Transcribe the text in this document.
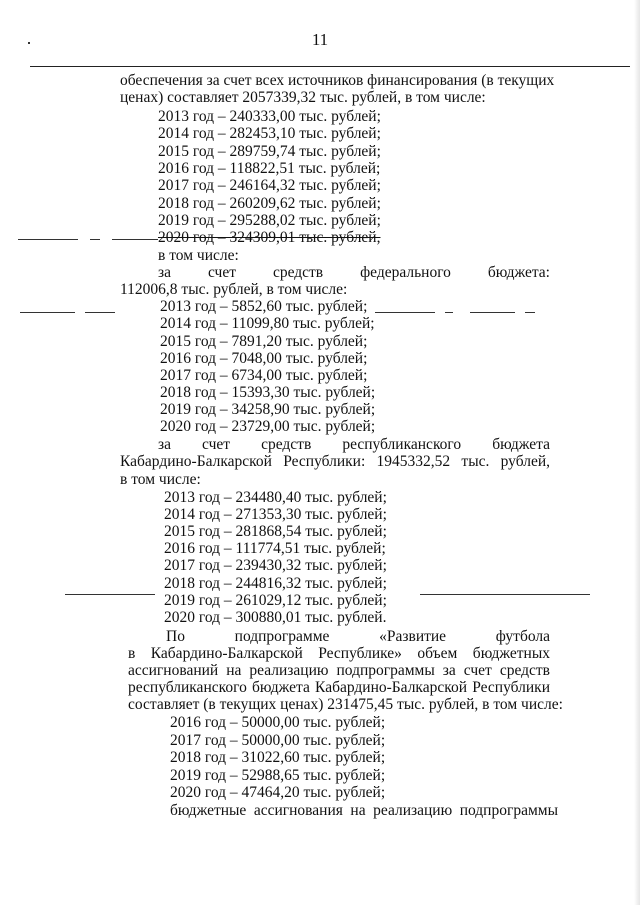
11
обеспечения за счет всех источников финансирования (в текущих
ценах) составляет 2057339,32 тыс. рублей, в том числе:
2013 год – 240333,00 тыс. рублей;
2014 год – 282453,10 тыс. рублей;
2015 год – 289759,74 тыс. рублей;
2016 год – 118822,51 тыс. рублей;
2017 год – 246164,32 тыс. рублей;
2018 год – 260209,62 тыс. рублей;
2019 год – 295288,02 тыс. рублей;
2020 год – 324309,01 тыс. рублей,
в том числе:
за счет средств федерального бюджета:
112006,8 тыс. рублей, в том числе:
2013 год – 5852,60 тыс. рублей;
2014 год – 11099,80 тыс. рублей;
2015 год – 7891,20 тыс. рублей;
2016 год – 7048,00 тыс. рублей;
2017 год – 6734,00 тыс. рублей;
2018 год – 15393,30 тыс. рублей;
2019 год – 34258,90 тыс. рублей;
2020 год – 23729,00 тыс. рублей;
за счет средств республиканского бюджета
Кабардино-Балкарской Республики: 1945332,52 тыс. рублей,
в том числе:
2013 год – 234480,40 тыс. рублей;
2014 год – 271353,30 тыс. рублей;
2015 год – 281868,54 тыс. рублей;
2016 год – 111774,51 тыс. рублей;
2017 год – 239430,32 тыс. рублей;
2018 год – 244816,32 тыс. рублей;
2019 год – 261029,12 тыс. рублей;
2020 год – 300880,01 тыс. рублей.
По подпрограмме «Развитие футбола
в Кабардино-Балкарской Республике» объем бюджетных
ассигнований на реализацию подпрограммы за счет средств
республиканского бюджета Кабардино-Балкарской Республики
составляет (в текущих ценах) 231475,45 тыс. рублей, в том числе:
2016 год – 50000,00 тыс. рублей;
2017 год – 50000,00 тыс. рублей;
2018 год – 31022,60 тыс. рублей;
2019 год – 52988,65 тыс. рублей;
2020 год – 47464,20 тыс. рублей;
бюджетные ассигнования на реализацию подпрограммы
